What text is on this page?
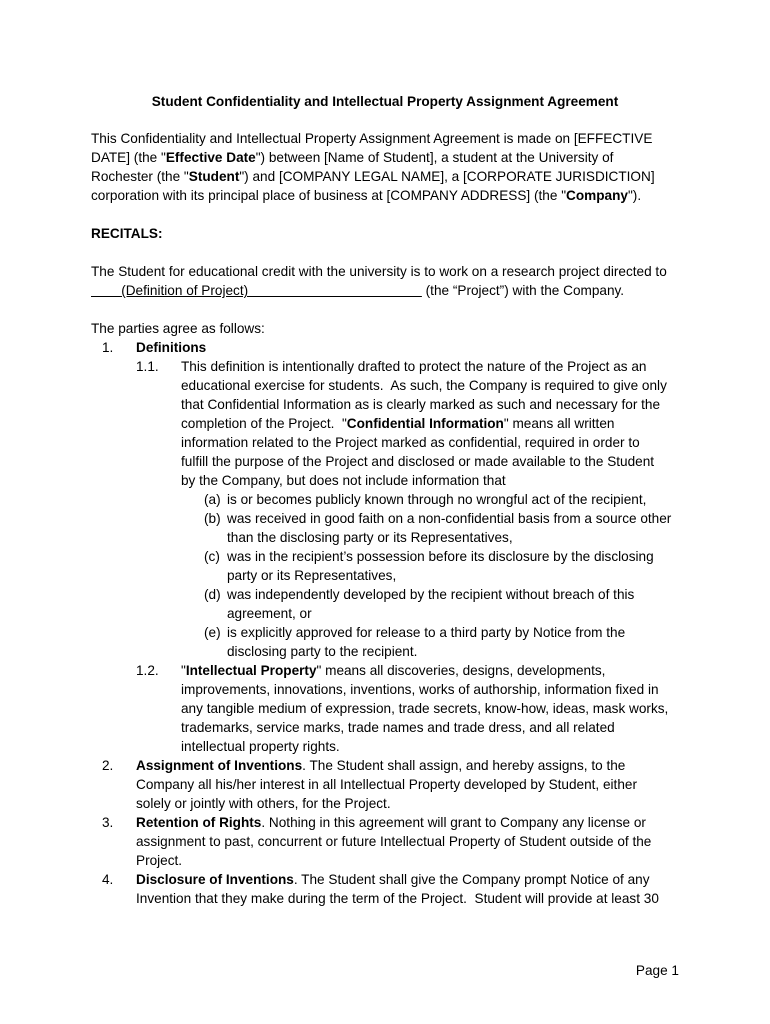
Student Confidentiality and Intellectual Property Assignment Agreement
This Confidentiality and Intellectual Property Assignment Agreement is made on [EFFECTIVE
DATE] (the "Effective Date") between [Name of Student], a student at the University of
Rochester (the "Student") and [COMPANY LEGAL NAME], a [CORPORATE JURISDICTION]
corporation with its principal place of business at [COMPANY ADDRESS] (the "Company").
RECITALS:
The Student for educational credit with the university is to work on a research project directed to
(Definition of Project)                                               (the “Project”) with the Company.
The parties agree as follows:
1. Definitions
1.1. This definition is intentionally drafted to protect the nature of the Project as an
educational exercise for students.  As such, the Company is required to give only
that Confidential Information as is clearly marked as such and necessary for the
completion of the Project.  "Confidential Information" means all written
information related to the Project marked as confidential, required in order to
fulfill the purpose of the Project and disclosed or made available to the Student
by the Company, but does not include information that
(a) is or becomes publicly known through no wrongful act of the recipient,
(b) was received in good faith on a non-confidential basis from a source other
than the disclosing party or its Representatives,
(c) was in the recipient’s possession before its disclosure by the disclosing
party or its Representatives,
(d) was independently developed by the recipient without breach of this
agreement, or
(e) is explicitly approved for release to a third party by Notice from the
disclosing party to the recipient.
1.2. "Intellectual Property" means all discoveries, designs, developments,
improvements, innovations, inventions, works of authorship, information fixed in
any tangible medium of expression, trade secrets, know-how, ideas, mask works,
trademarks, service marks, trade names and trade dress, and all related
intellectual property rights.
2. Assignment of Inventions. The Student shall assign, and hereby assigns, to the
Company all his/her interest in all Intellectual Property developed by Student, either
solely or jointly with others, for the Project.
3. Retention of Rights. Nothing in this agreement will grant to Company any license or
assignment to past, concurrent or future Intellectual Property of Student outside of the
Project.
4. Disclosure of Inventions. The Student shall give the Company prompt Notice of any
Invention that they make during the term of the Project.  Student will provide at least 30
Page 1
